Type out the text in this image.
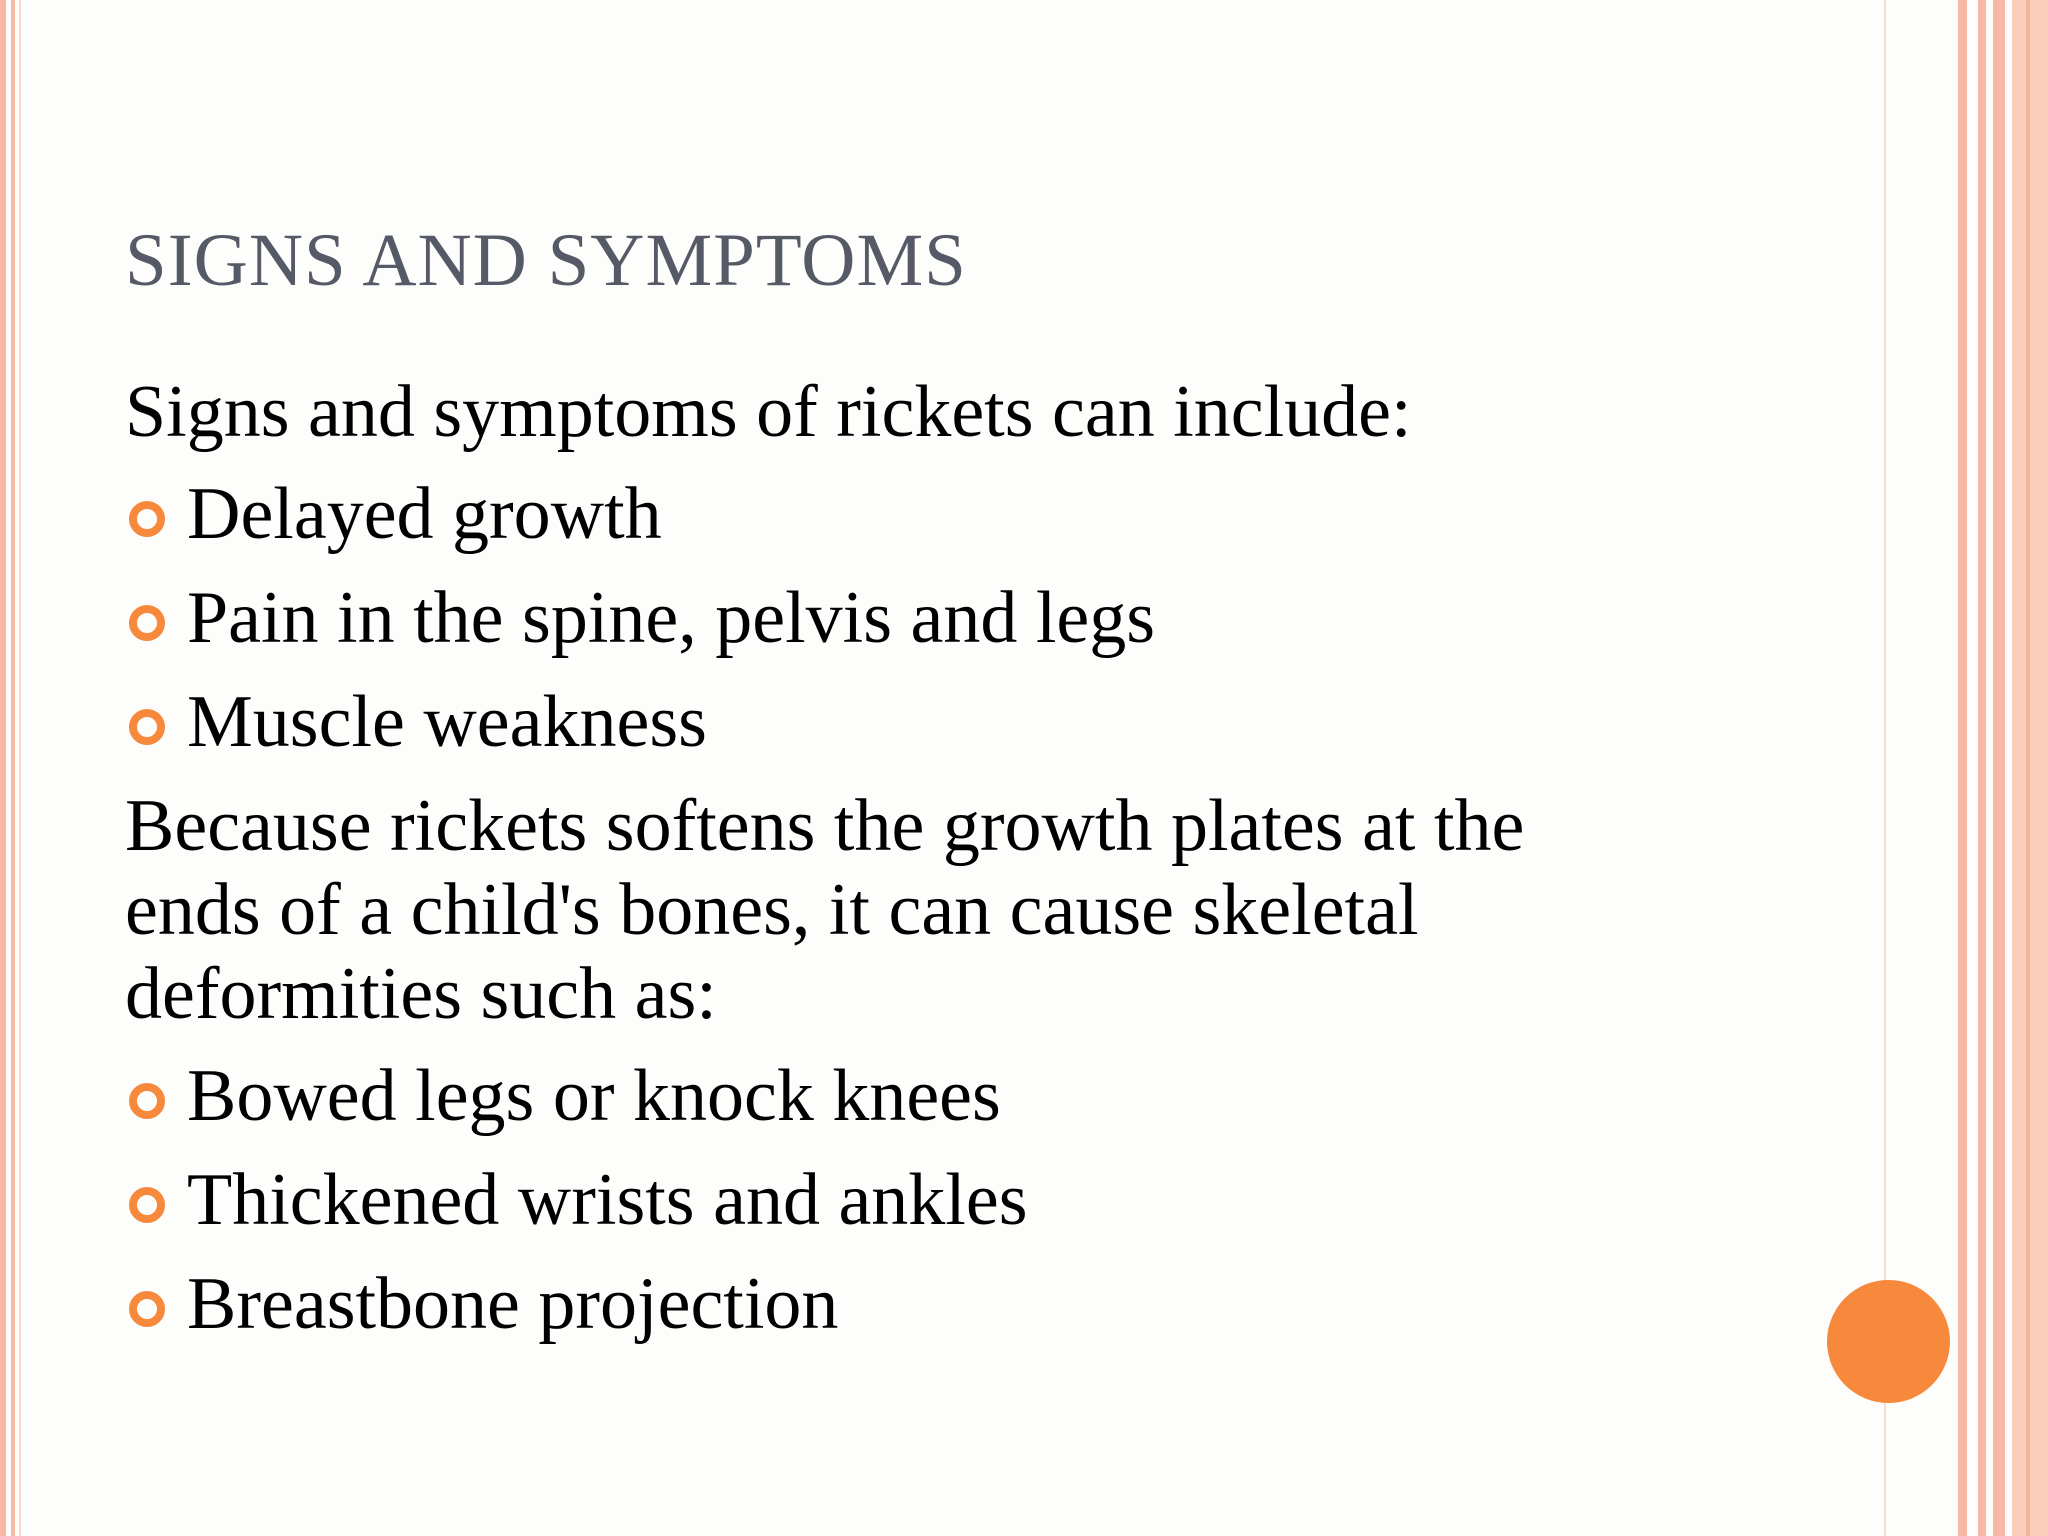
SIGNS AND SYMPTOMS
Signs and symptoms of rickets can include:
Delayed growth
Pain in the spine, pelvis and legs
Muscle weakness
Because rickets softens the growth plates at the
ends of a child's bones, it can cause skeletal
deformities such as:
Bowed legs or knock knees
Thickened wrists and ankles
Breastbone projection
